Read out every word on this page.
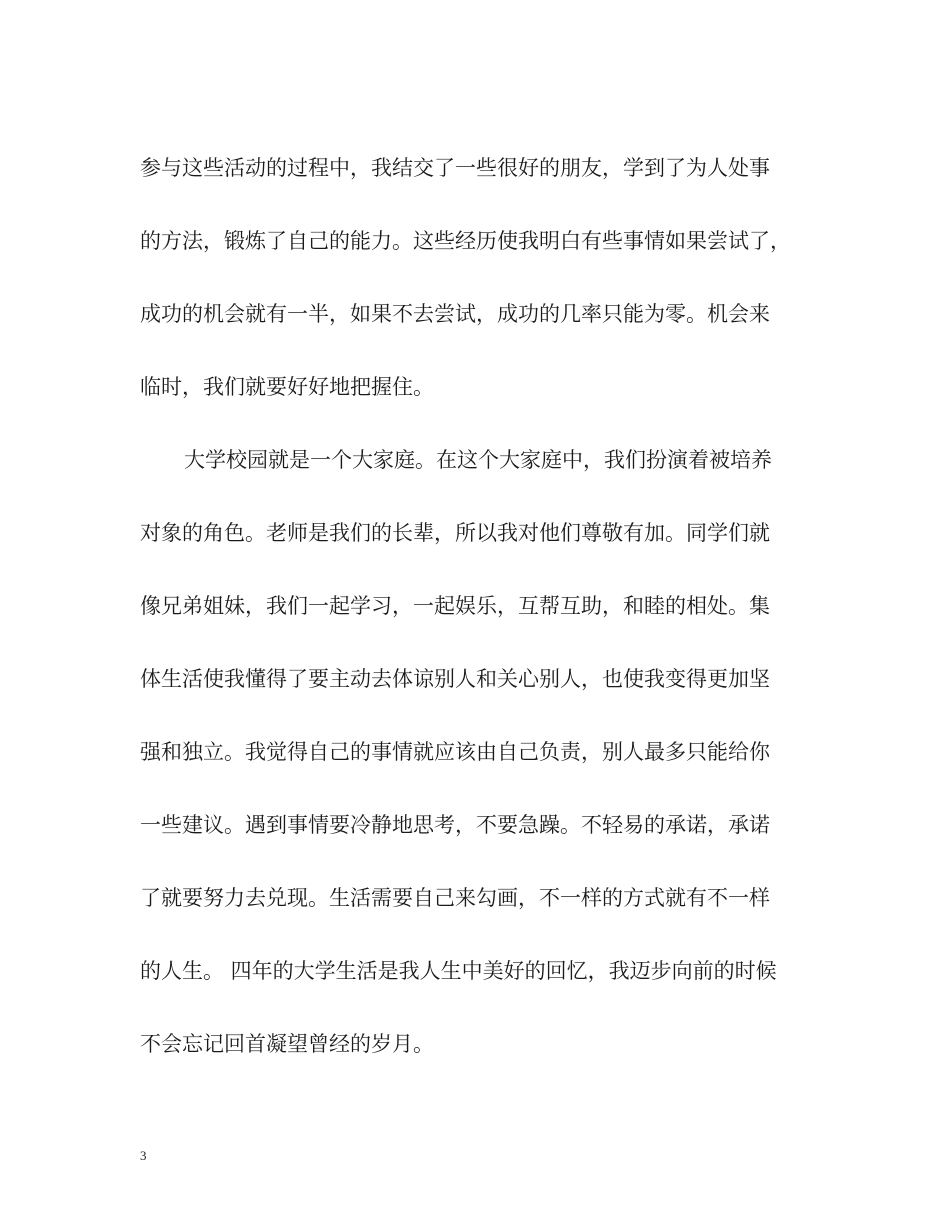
参与这些活动的过程中，我结交了一些很好的朋友，学到了为人处事
的方法，锻炼了自己的能力。这些经历使我明白有些事情如果尝试了，
成功的机会就有一半，如果不去尝试，成功的几率只能为零。机会来
临时，我们就要好好地把握住。
大学校园就是一个大家庭。在这个大家庭中，我们扮演着被培养
对象的角色。老师是我们的长辈，所以我对他们尊敬有加。同学们就
像兄弟姐妹，我们一起学习，一起娱乐，互帮互助，和睦的相处。集
体生活使我懂得了要主动去体谅别人和关心别人，也使我变得更加坚
强和独立。我觉得自己的事情就应该由自己负责，别人最多只能给你
一些建议。遇到事情要冷静地思考，不要急躁。不轻易的承诺，承诺
了就要努力去兑现。生活需要自己来勾画，不一样的方式就有不一样
的人生。 四年的大学生活是我人生中美好的回忆，我迈步向前的时候
不会忘记回首凝望曾经的岁月。
3
